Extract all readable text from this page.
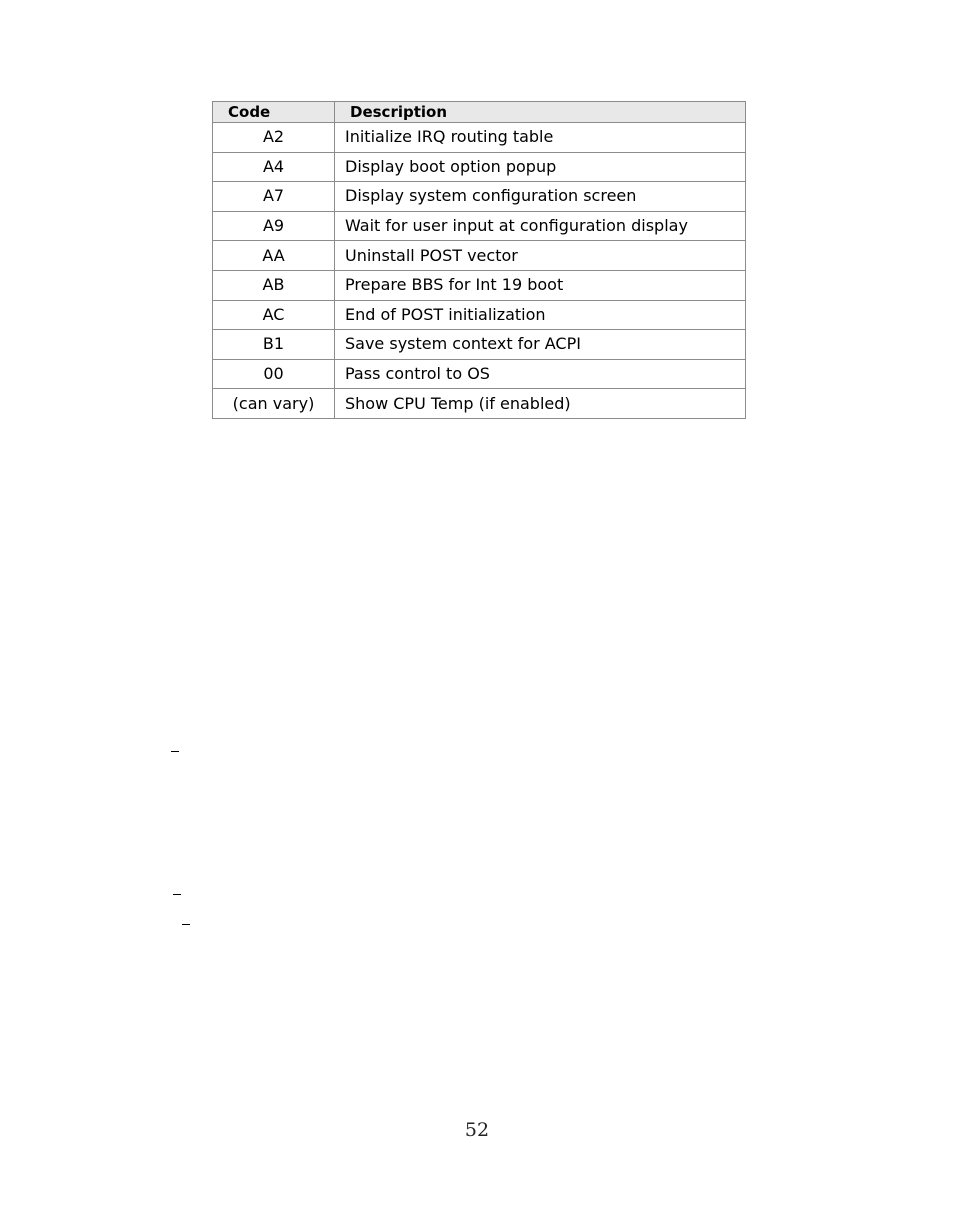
Code	Description
A2	Initialize IRQ routing table
A4	Display boot option popup
A7	Display system configuration screen
A9	Wait for user input at configuration display
AA	Uninstall POST vector
AB	Prepare BBS for Int 19 boot
AC	End of POST initialization
B1	Save system context for ACPI
00	Pass control to OS
(can vary)	Show CPU Temp (if enabled)
52
